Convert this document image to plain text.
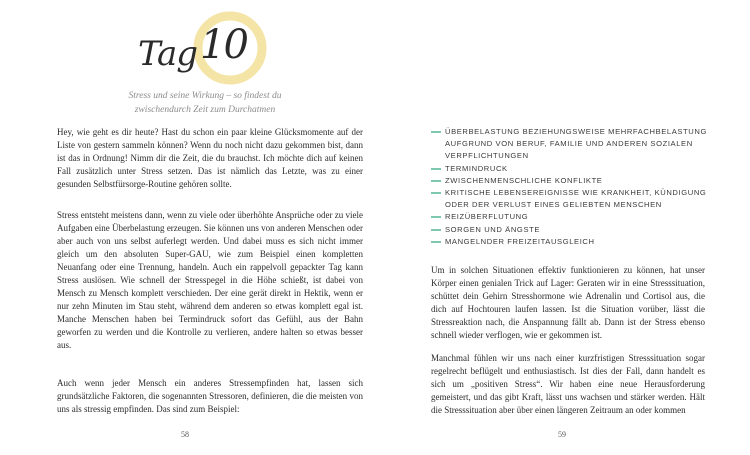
Tag 10
Stress und seine Wirkung – so findest du
zwischendurch Zeit zum Durchatmen

Hey, wie geht es dir heute? Hast du schon ein paar kleine Glücksmomente auf der Liste von gestern sammeln können? Wenn du noch nicht dazu gekommen bist, dann ist das in Ordnung! Nimm dir die Zeit, die du brauchst. Ich möchte dich auf keinen Fall zusätzlich unter Stress setzen. Das ist nämlich das Letzte, was zu einer gesunden Selbstfürsorge-Routine gehören sollte.

Stress entsteht meistens dann, wenn zu viele oder überhöhte Ansprüche oder zu viele Aufgaben eine Überbelastung erzeugen. Sie können uns von anderen Menschen oder aber auch von uns selbst auferlegt werden. Und dabei muss es sich nicht immer gleich um den absoluten Super-GAU, wie zum Beispiel einen kompletten Neuanfang oder eine Trennung, handeln. Auch ein rappelvoll gepackter Tag kann Stress auslösen. Wie schnell der Stresspegel in die Höhe schießt, ist dabei von Mensch zu Mensch komplett verschieden. Der eine gerät direkt in Hektik, wenn er nur zehn Minuten im Stau steht, während dem anderen so etwas komplett egal ist. Manche Menschen haben bei Termindruck sofort das Gefühl, aus der Bahn geworfen zu werden und die Kontrolle zu verlieren, andere halten so etwas besser aus.

Auch wenn jeder Mensch ein anderes Stressempfinden hat, lassen sich grundsätzliche Faktoren, die sogenannten Stressoren, definieren, die die meisten von uns als stressig empfinden. Das sind zum Beispiel:

58
ÜBERBELASTUNG BEZIEHUNGSWEISE MEHRFACHBELASTUNG
AUFGRUND VON BERUF, FAMILIE UND ANDEREN SOZIALEN
VERPFLICHTUNGEN
TERMINDRUCK
ZWISCHENMENSCHLICHE KONFLIKTE
KRITISCHE LEBENSEREIGNISSE WIE KRANKHEIT, KÜNDIGUNG
ODER DER VERLUST EINES GELIEBTEN MENSCHEN
REIZÜBERFLUTUNG
SORGEN UND ÄNGSTE
MANGELNDER FREIZEITAUSGLEICH

Um in solchen Situationen effektiv funktionieren zu können, hat unser Körper einen genialen Trick auf Lager: Geraten wir in eine Stresssituation, schüttet dein Gehirn Stresshormone wie Adrenalin und Cortisol aus, die dich auf Hochtouren laufen lassen. Ist die Situation vorüber, lässt die Stressreaktion nach, die Anspannung fällt ab. Dann ist der Stress ebenso schnell wieder verflogen, wie er gekommen ist.

Manchmal fühlen wir uns nach einer kurzfristigen Stresssituation sogar regelrecht beflügelt und enthusiastisch. Ist dies der Fall, dann handelt es sich um „positiven Stress“. Wir haben eine neue Herausforderung gemeistert, und das gibt Kraft, lässt uns wachsen und stärker werden. Hält die Stresssituation aber über einen längeren Zeitraum an oder kommen

59
